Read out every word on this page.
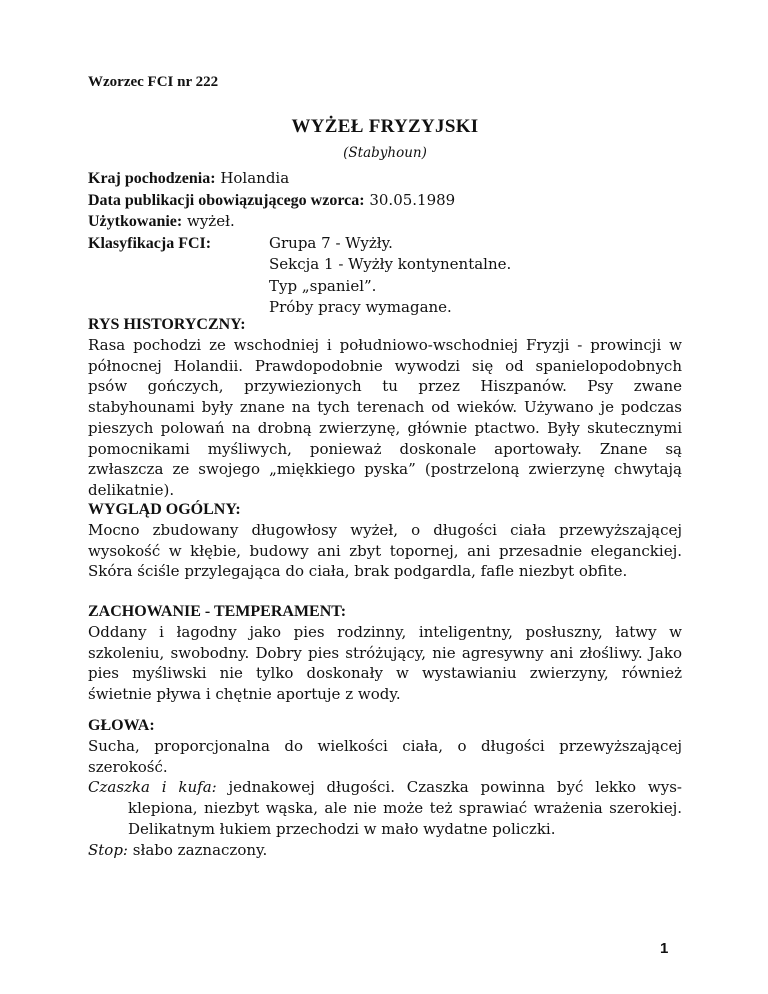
Wzorzec FCI nr 222
WYŻEŁ FRYZYJSKI
(Stabyhoun)
Kraj pochodzenia: Holandia
Data publikacji obowiązującego wzorca: 30.05.1989
Użytkowanie: wyżeł.
Klasyfikacja FCI:	Grupa 7 - Wyżły.
Sekcja 1 - Wyżły kontynentalne.
Typ „spaniel”.
Próby pracy wymagane.

RYS HISTORYCZNY:

Rasa pochodzi ze wschodniej i południowo-wschodniej Fryzji - prowincji w północnej Holandii. Prawdopodobnie wywodzi się od spanielopodobnych psów gończych, przywiezionych tu przez Hiszpanów. Psy zwane stabyhounami były znane na tych terenach od wieków. Używano je podczas pieszych polowań na drobną zwierzynę, głównie ptactwo. Były skutecznymi pomocnikami myśliwych, ponieważ doskonale aportowały. Znane są zwłaszcza ze swojego „miękkiego pyska” (postrzeloną zwierzynę chwytają delikatnie).

WYGLĄD OGÓLNY:

Mocno zbudowany długowłosy wyżeł, o długości ciała przewyższającej wysokość w kłębie, budowy ani zbyt topornej, ani przesadnie eleganckiej. Skóra ściśle przylegająca do ciała, brak podgardla, fafle niezbyt obfite.

ZACHOWANIE - TEMPERAMENT:

Oddany i łagodny jako pies rodzinny, inteligentny, posłuszny, łatwy w szkoleniu, swobodny. Dobry pies stróżujący, nie agresywny ani złośliwy. Jako pies myśliwski nie tylko doskonały w wystawianiu zwierzyny, również świetnie pływa i chętnie aportuje z wody.

GŁOWA:

Sucha, proporcjonalna do wielkości ciała, o długości przewyższającej szerokość.

Czaszka i kufa: jednakowej długości. Czaszka powinna być lekko wysklepiona, niezbyt wąska, ale nie może też sprawiać wrażenia szerokiej. Delikatnym łukiem przechodzi w mało wydatne policzki.

Stop: słabo zaznaczony.

1
